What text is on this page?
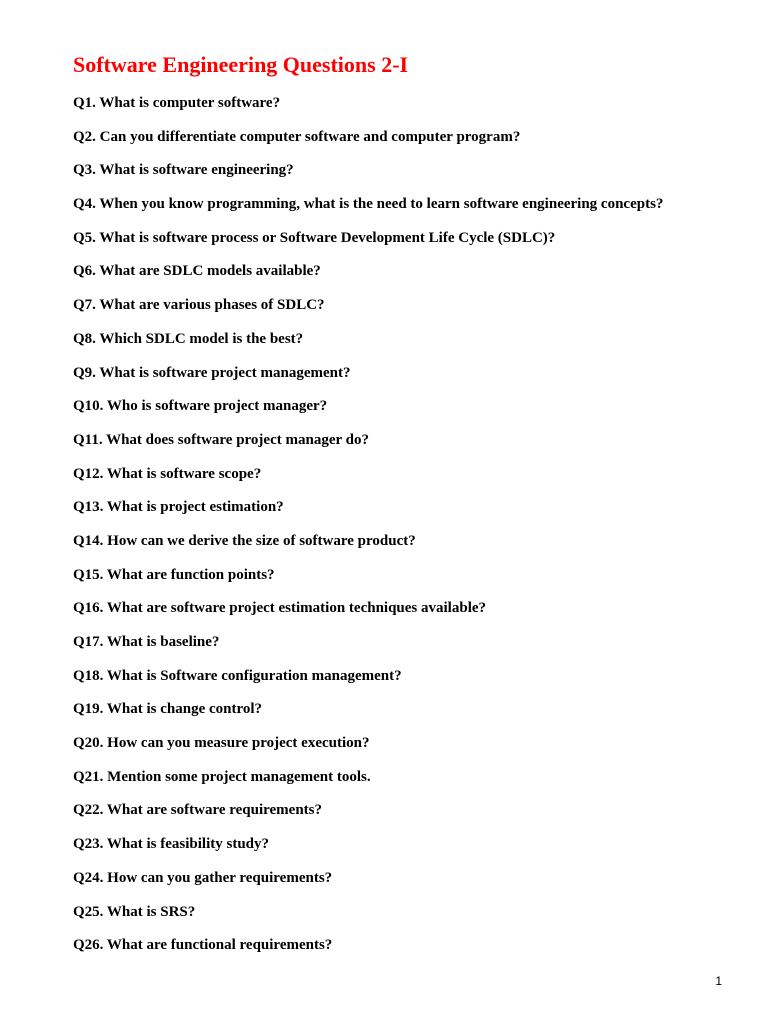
Software Engineering Questions 2-I
Q1. What is computer software?
Q2. Can you differentiate computer software and computer program?
Q3. What is software engineering?
Q4. When you know programming, what is the need to learn software engineering concepts?
Q5. What is software process or Software Development Life Cycle (SDLC)?
Q6. What are SDLC models available?
Q7. What are various phases of SDLC?
Q8. Which SDLC model is the best?
Q9. What is software project management?
Q10. Who is software project manager?
Q11. What does software project manager do?
Q12. What is software scope?
Q13. What is project estimation?
Q14. How can we derive the size of software product?
Q15. What are function points?
Q16. What are software project estimation techniques available?
Q17. What is baseline?
Q18. What is Software configuration management?
Q19. What is change control?
Q20. How can you measure project execution?
Q21. Mention some project management tools.
Q22. What are software requirements?
Q23. What is feasibility study?
Q24. How can you gather requirements?
Q25. What is SRS?
Q26. What are functional requirements?
1
